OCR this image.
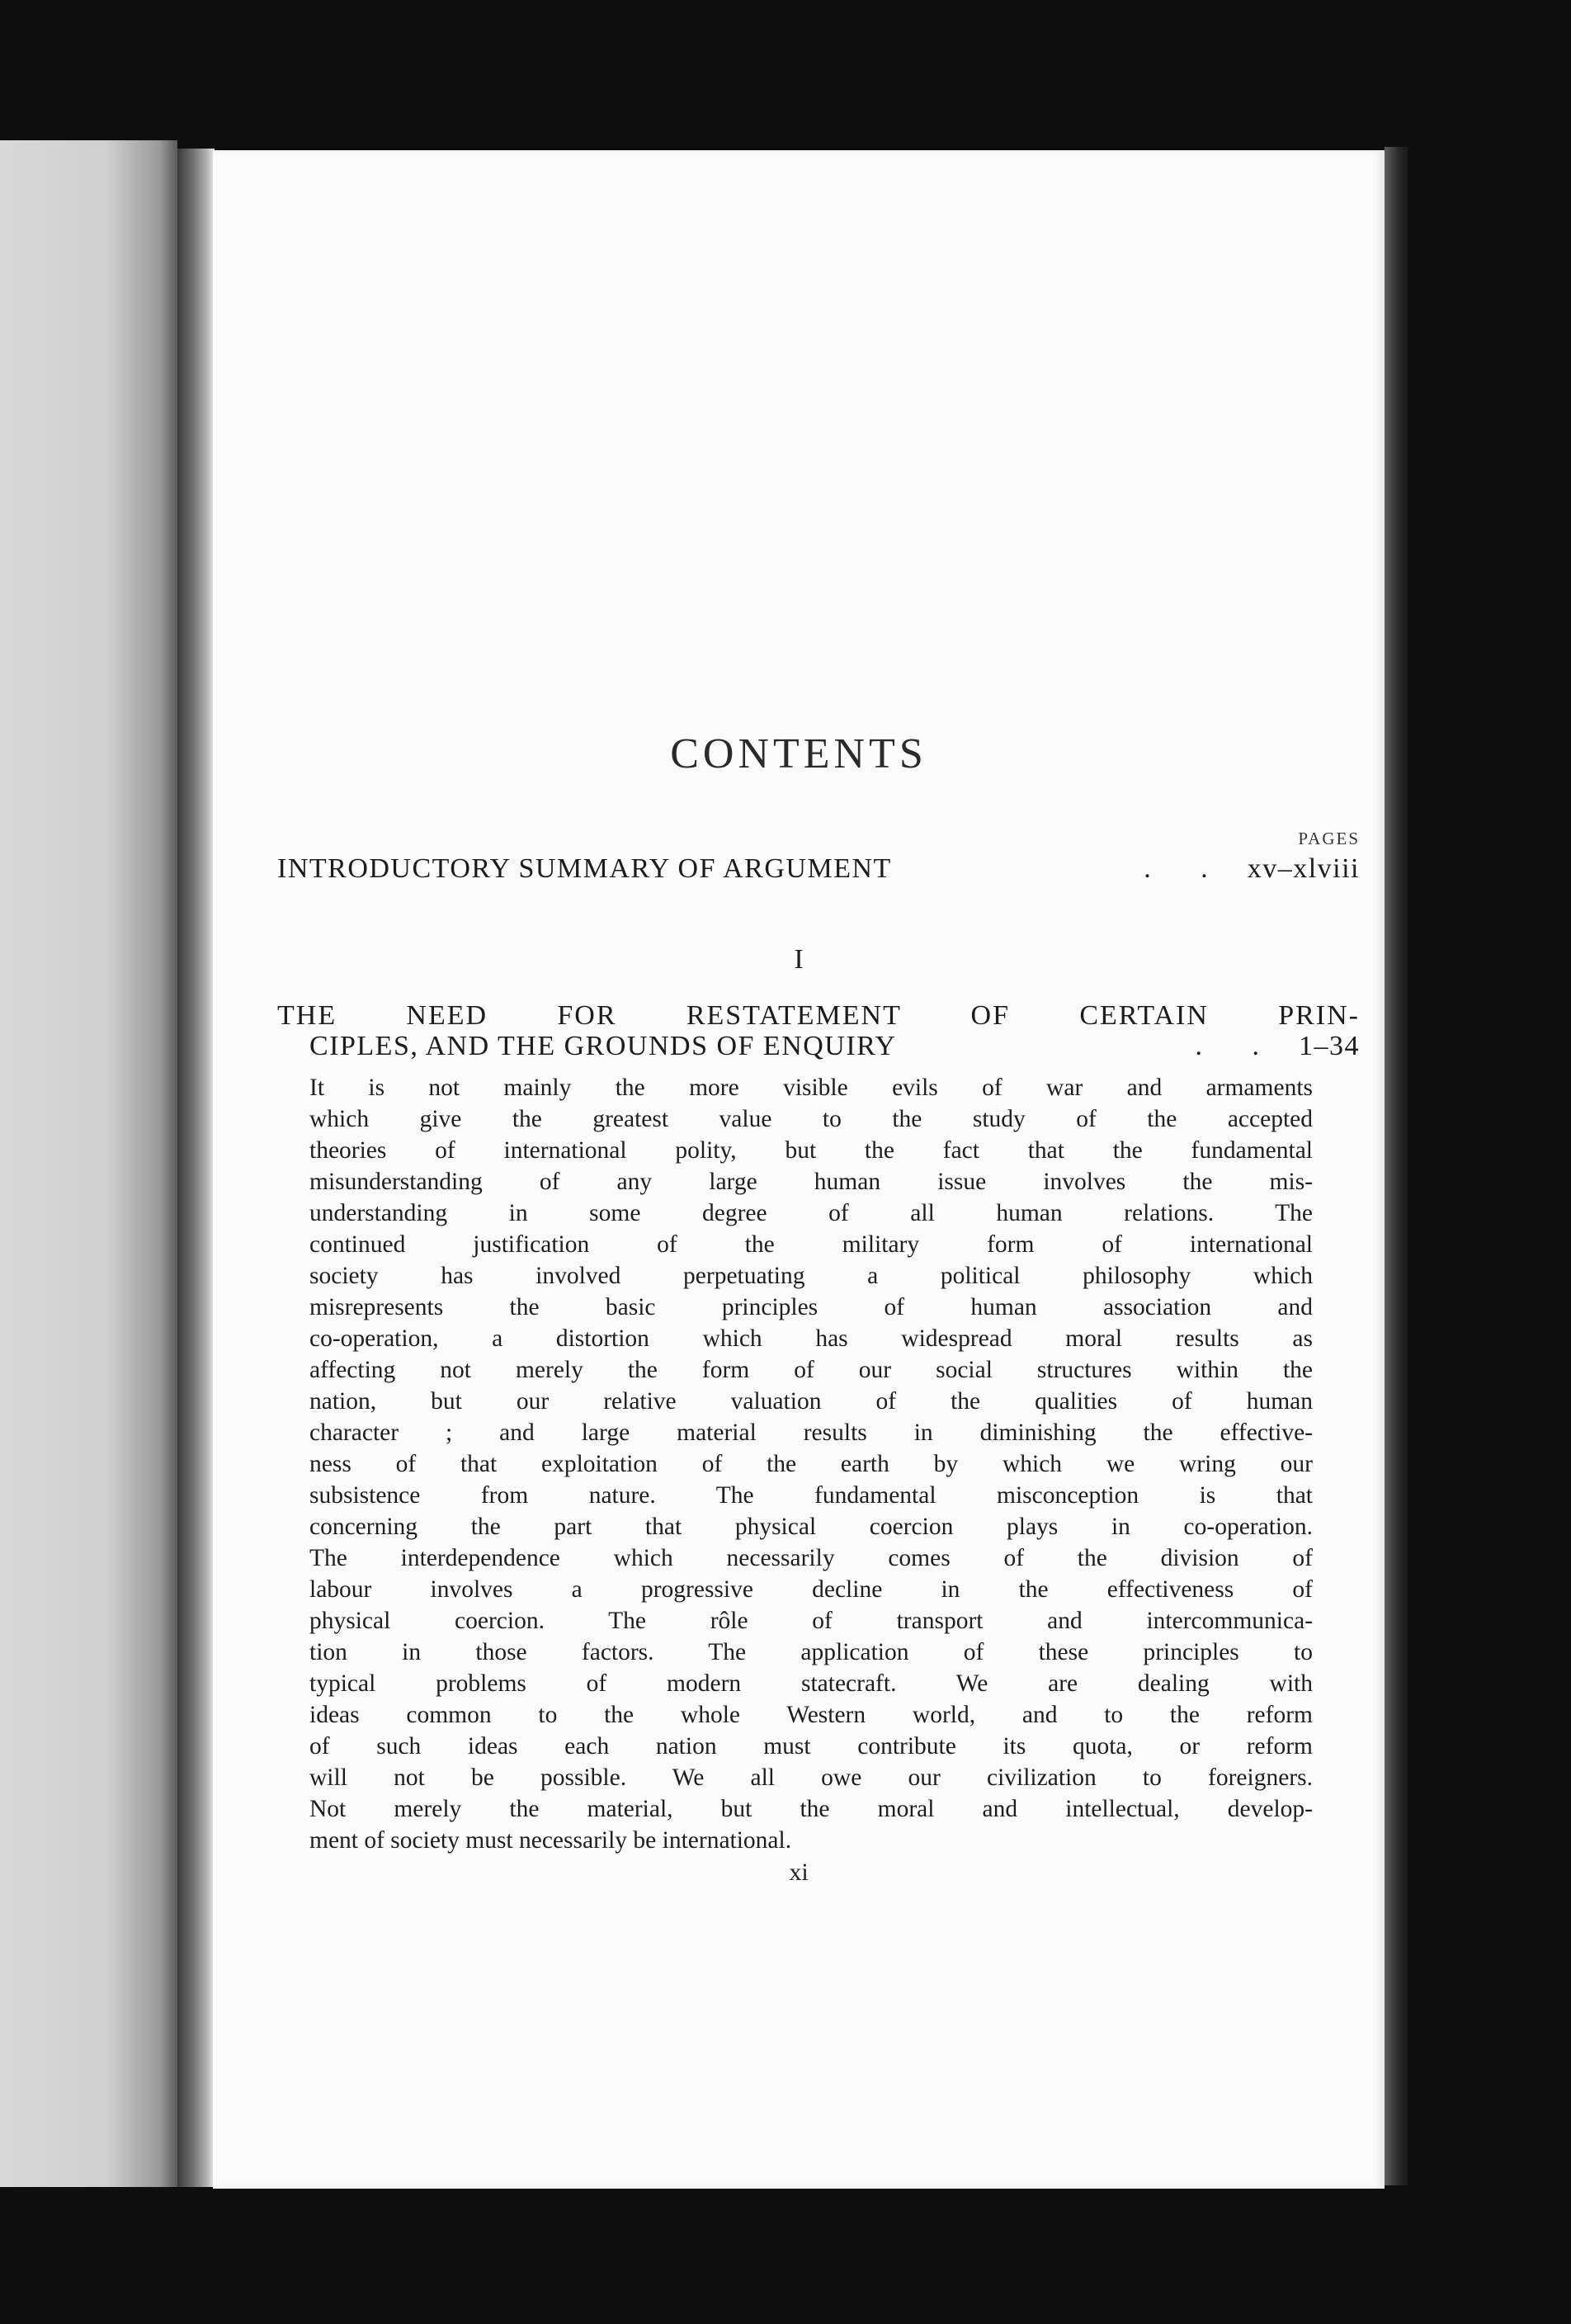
CONTENTS
PAGES
INTRODUCTORY SUMMARY OF ARGUMENT	. . xv–xlviii
I
THE NEED FOR RESTATEMENT OF CERTAIN PRIN-
CIPLES, AND THE GROUNDS OF ENQUIRY	. . 1–34
It is not mainly the more visible evils of war and armaments
which give the greatest value to the study of the accepted
theories of international polity, but the fact that the fundamental
misunderstanding of any large human issue involves the mis-
understanding in some degree of all human relations. The
continued justification of the military form of international
society has involved perpetuating a political philosophy which
misrepresents the basic principles of human association and
co-operation, a distortion which has widespread moral results as
affecting not merely the form of our social structures within the
nation, but our relative valuation of the qualities of human
character ; and large material results in diminishing the effective-
ness of that exploitation of the earth by which we wring our
subsistence from nature. The fundamental misconception is that
concerning the part that physical coercion plays in co-operation.
The interdependence which necessarily comes of the division of
labour involves a progressive decline in the effectiveness of
physical coercion. The rôle of transport and intercommunica-
tion in those factors. The application of these principles to
typical problems of modern statecraft. We are dealing with
ideas common to the whole Western world, and to the reform
of such ideas each nation must contribute its quota, or reform
will not be possible. We all owe our civilization to foreigners.
Not merely the material, but the moral and intellectual, develop-
ment of society must necessarily be international.
xi
